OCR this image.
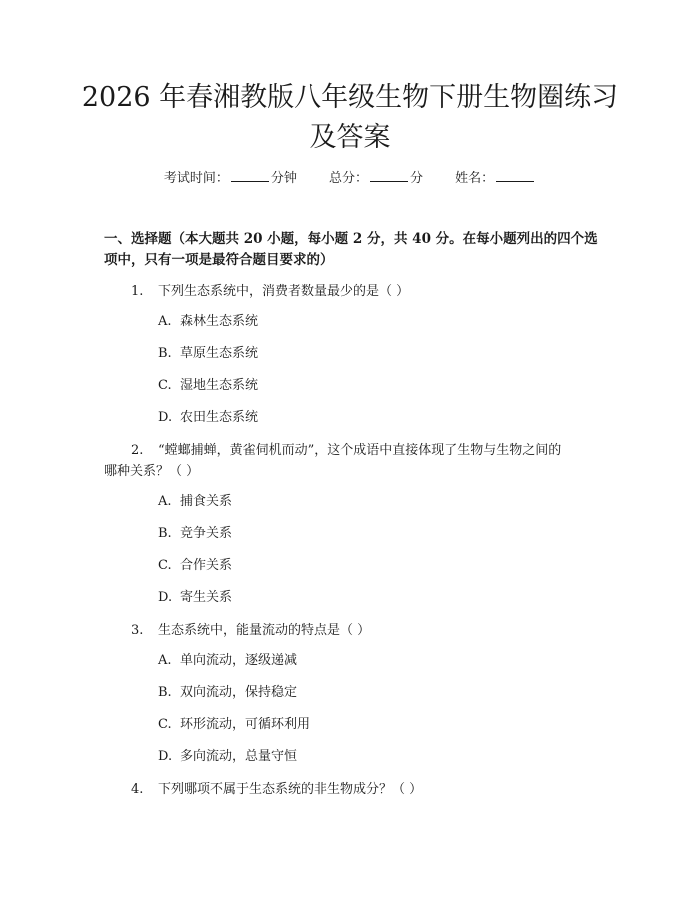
2026 年春湘教版八年级生物下册生物圈练习
及答案
考试时间：	分钟 总分：	分 姓名：
一、选择题（本大题共 20 小题，每小题 2 分，共 40 分。在每小题列出的四个选
项中，只有一项是最符合题目要求的）
1. 下列生态系统中，消费者数量最少的是（ ）
A. 森林生态系统
B. 草原生态系统
C. 湿地生态系统
D. 农田生态系统
2. “螳螂捕蝉，黄雀伺机而动”，这个成语中直接体现了生物与生物之间的
哪种关系？（ ）
A. 捕食关系
B. 竞争关系
C. 合作关系
D. 寄生关系
3. 生态系统中，能量流动的特点是（ ）
A. 单向流动，逐级递减
B. 双向流动，保持稳定
C. 环形流动，可循环利用
D. 多向流动，总量守恒
4. 下列哪项不属于生态系统的非生物成分？（ ）
